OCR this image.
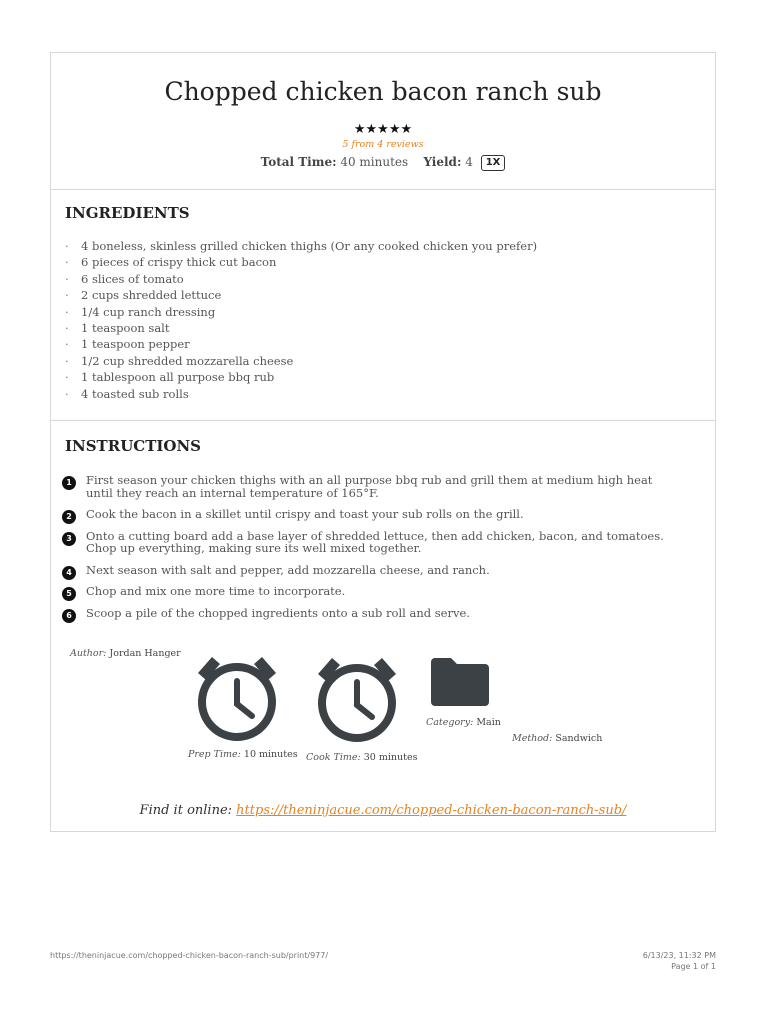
Chopped chicken bacon ranch sub
★★★★★
5 from 4 reviews
Total Time: 40 minutes Yield: 4 1X
INGREDIENTS
· 4 boneless, skinless grilled chicken thighs (Or any cooked chicken you prefer)
· 6 pieces of crispy thick cut bacon
· 6 slices of tomato
· 2 cups shredded lettuce
· 1/4 cup ranch dressing
· 1 teaspoon salt
· 1 teaspoon pepper
· 1/2 cup shredded mozzarella cheese
· 1 tablespoon all purpose bbq rub
· 4 toasted sub rolls
INSTRUCTIONS
1	First season your chicken thighs with an all purpose bbq rub and grill them at medium high heat until they reach an internal temperature of 165°F.
2	Cook the bacon in a skillet until crispy and toast your sub rolls on the grill.
3	Onto a cutting board add a base layer of shredded lettuce, then add chicken, bacon, and tomatoes. Chop up everything, making sure its well mixed together.
4	Next season with salt and pepper, add mozzarella cheese, and ranch.
5	Chop and mix one more time to incorporate.
6	Scoop a pile of the chopped ingredients onto a sub roll and serve.
Author: Jordan Hanger
Prep Time: 10 minutes Cook Time: 30 minutes
Category: Main
Method: Sandwich
Find it online: https://theninjacue.com/chopped-chicken-bacon-ranch-sub/
https://theninjacue.com/chopped-chicken-bacon-ranch-sub/print/977/	6/13/23, 11:32 PM
Page 1 of 1
